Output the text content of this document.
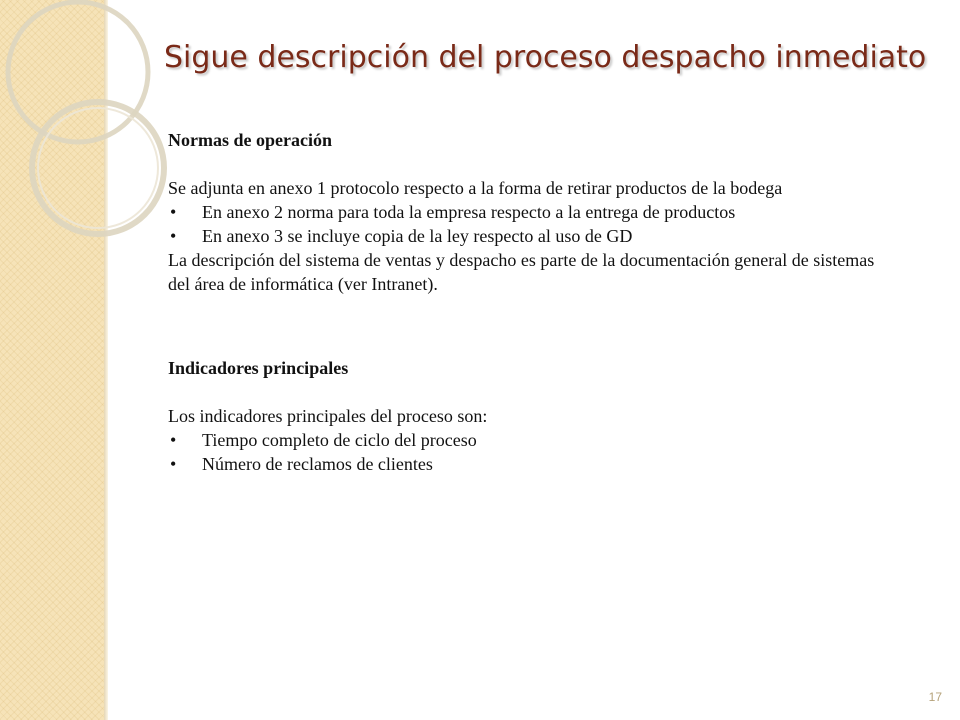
Sigue descripción del proceso despacho inmediato

Normas de operación

Se adjunta en anexo 1 protocolo respecto a la forma de retirar productos de la bodega

• En anexo 2 norma para toda la empresa respecto a la entrega de productos
• En anexo 3 se incluye copia de la ley respecto al uso de GD

La descripción del sistema de ventas y despacho es parte de la documentación general de sistemas del área de informática (ver Intranet).

Indicadores principales

Los indicadores principales del proceso son:

• Tiempo completo de ciclo del proceso
• Número de reclamos de clientes
17
